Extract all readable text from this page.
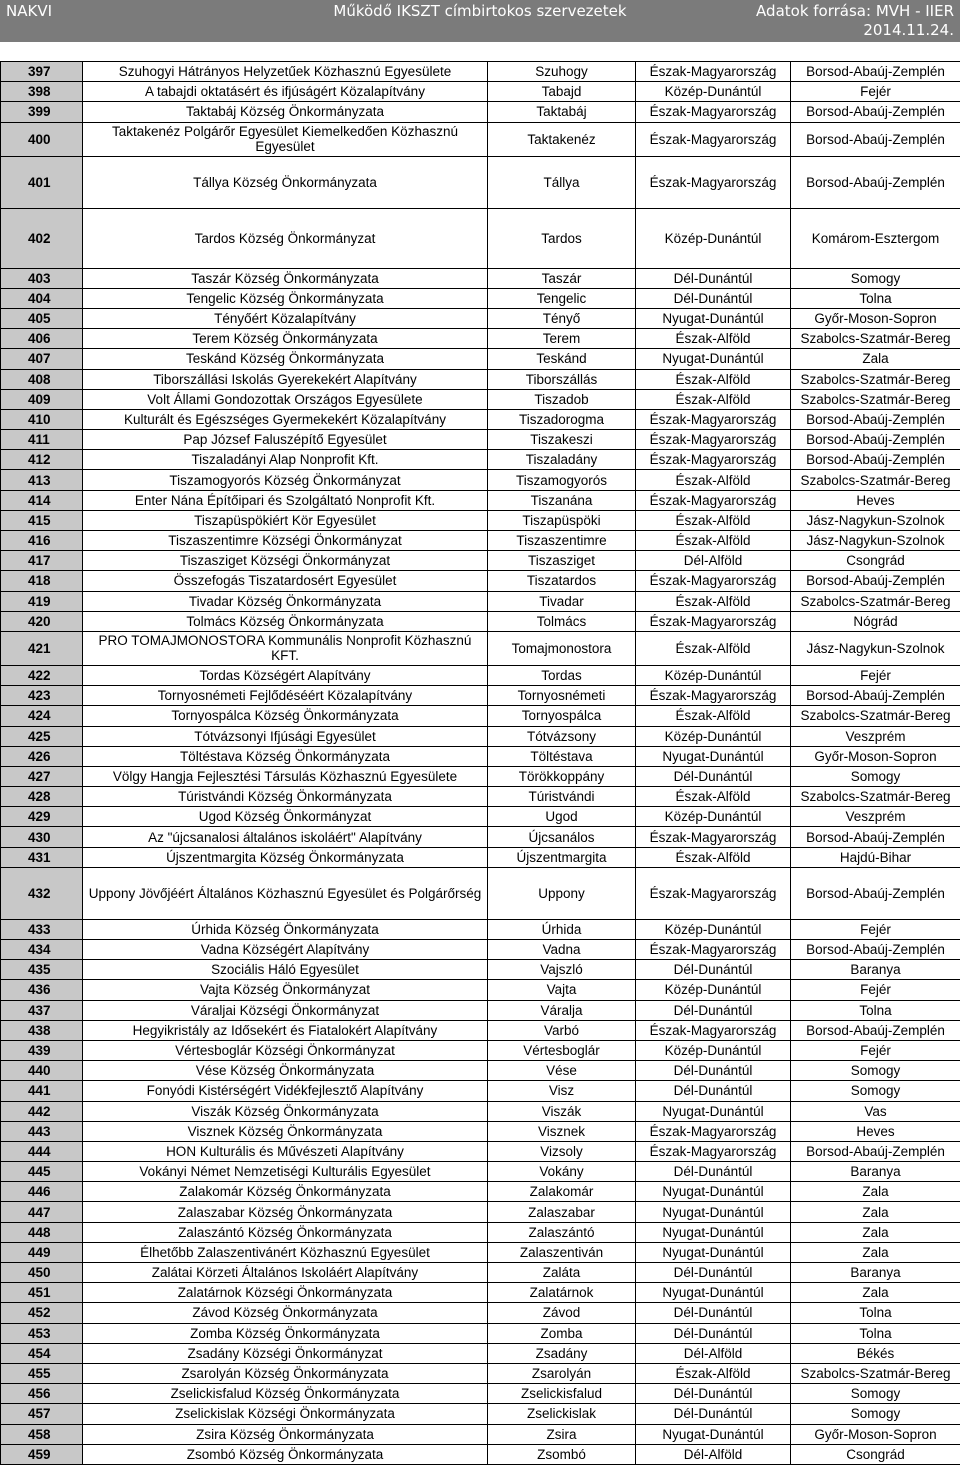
NAKVI	Működő IKSZT címbirtokos szervezetek	Adatok forrása: MVH - IIER
2014.11.24.
397	Szuhogyi Hátrányos Helyzetűek Közhasznú Egyesülete	Szuhogy	Észak-Magyarország	Borsod-Abaúj-Zemplén
398	A tabajdi oktatásért és ifjúságért Közalapítvány	Tabajd	Közép-Dunántúl	Fejér
399	Taktabáj Község Önkormányzata	Taktabáj	Észak-Magyarország	Borsod-Abaúj-Zemplén
400	Taktakenéz Polgárőr Egyesület Kiemelkedően Közhasznú Egyesület	Taktakenéz	Észak-Magyarország	Borsod-Abaúj-Zemplén
401	Tállya Község Önkormányzata	Tállya	Észak-Magyarország	Borsod-Abaúj-Zemplén
402	Tardos Község Önkormányzat	Tardos	Közép-Dunántúl	Komárom-Esztergom
403	Taszár Község Önkormányzata	Taszár	Dél-Dunántúl	Somogy
404	Tengelic Község Önkormányzata	Tengelic	Dél-Dunántúl	Tolna
405	Tényőért Közalapítvány	Tényő	Nyugat-Dunántúl	Győr-Moson-Sopron
406	Terem Község Önkormányzata	Terem	Észak-Alföld	Szabolcs-Szatmár-Bereg
407	Teskánd Község Önkormányzata	Teskánd	Nyugat-Dunántúl	Zala
408	Tiborszállási Iskolás Gyerekekért Alapítvány	Tiborszállás	Észak-Alföld	Szabolcs-Szatmár-Bereg
409	Volt Állami Gondozottak Országos Egyesülete	Tiszadob	Észak-Alföld	Szabolcs-Szatmár-Bereg
410	Kulturált és Egészséges Gyermekekért Közalapítvány	Tiszadorogma	Észak-Magyarország	Borsod-Abaúj-Zemplén
411	Pap József Faluszépítő Egyesület	Tiszakeszi	Észak-Magyarország	Borsod-Abaúj-Zemplén
412	Tiszaladányi Alap Nonprofit Kft.	Tiszaladány	Észak-Magyarország	Borsod-Abaúj-Zemplén
413	Tiszamogyorós Község Önkormányzat	Tiszamogyorós	Észak-Alföld	Szabolcs-Szatmár-Bereg
414	Enter Nána Építőipari és Szolgáltató Nonprofit Kft.	Tiszanána	Észak-Magyarország	Heves
415	Tiszapüspökiért Kör Egyesület	Tiszapüspöki	Észak-Alföld	Jász-Nagykun-Szolnok
416	Tiszaszentimre Községi Önkormányzat	Tiszaszentimre	Észak-Alföld	Jász-Nagykun-Szolnok
417	Tiszasziget Községi Önkormányzat	Tiszasziget	Dél-Alföld	Csongrád
418	Összefogás Tiszatardosért Egyesület	Tiszatardos	Észak-Magyarország	Borsod-Abaúj-Zemplén
419	Tivadar Község Önkormányzata	Tivadar	Észak-Alföld	Szabolcs-Szatmár-Bereg
420	Tolmács Község Önkormányzata	Tolmács	Észak-Magyarország	Nógrád
421	PRO TOMAJMONOSTORA Kommunális Nonprofit Közhasznú KFT.	Tomajmonostora	Észak-Alföld	Jász-Nagykun-Szolnok
422	Tordas Községért Alapítvány	Tordas	Közép-Dunántúl	Fejér
423	Tornyosnémeti Fejlődéséért Közalapítvány	Tornyosnémeti	Észak-Magyarország	Borsod-Abaúj-Zemplén
424	Tornyospálca Község Önkormányzata	Tornyospálca	Észak-Alföld	Szabolcs-Szatmár-Bereg
425	Tótvázsonyi Ifjúsági Egyesület	Tótvázsony	Közép-Dunántúl	Veszprém
426	Töltéstava Község Önkormányzata	Töltéstava	Nyugat-Dunántúl	Győr-Moson-Sopron
427	Völgy Hangja Fejlesztési Társulás Közhasznú Egyesülete	Törökkoppány	Dél-Dunántúl	Somogy
428	Túristvándi Község Önkormányzata	Túristvándi	Észak-Alföld	Szabolcs-Szatmár-Bereg
429	Ugod Község Önkormányzat	Ugod	Közép-Dunántúl	Veszprém
430	Az "újcsanalosi általános iskoláért" Alapítvány	Újcsanálos	Észak-Magyarország	Borsod-Abaúj-Zemplén
431	Újszentmargita Község Önkormányzata	Újszentmargita	Észak-Alföld	Hajdú-Bihar
432	Uppony Jövőjéért Általános Közhasznú Egyesület és Polgárőrség	Uppony	Észak-Magyarország	Borsod-Abaúj-Zemplén
433	Úrhida Község Önkormányzata	Úrhida	Közép-Dunántúl	Fejér
434	Vadna Községért Alapítvány	Vadna	Észak-Magyarország	Borsod-Abaúj-Zemplén
435	Szociális Háló Egyesület	Vajszló	Dél-Dunántúl	Baranya
436	Vajta Község Önkormányzat	Vajta	Közép-Dunántúl	Fejér
437	Váraljai Községi Önkormányzat	Váralja	Dél-Dunántúl	Tolna
438	Hegyikristály az Idősekért és Fiatalokért Alapítvány	Varbó	Észak-Magyarország	Borsod-Abaúj-Zemplén
439	Vértesboglár Községi Önkormányzat	Vértesboglár	Közép-Dunántúl	Fejér
440	Vése Község Önkormányzata	Vése	Dél-Dunántúl	Somogy
441	Fonyódi Kistérségért Vidékfejlesztő Alapítvány	Visz	Dél-Dunántúl	Somogy
442	Viszák Község Önkormányzata	Viszák	Nyugat-Dunántúl	Vas
443	Visznek Község Önkormányzata	Visznek	Észak-Magyarország	Heves
444	HON Kulturális és Művészeti Alapítvány	Vizsoly	Észak-Magyarország	Borsod-Abaúj-Zemplén
445	Vokányi Német Nemzetiségi Kulturális Egyesület	Vokány	Dél-Dunántúl	Baranya
446	Zalakomár Község Önkormányzata	Zalakomár	Nyugat-Dunántúl	Zala
447	Zalaszabar Község Önkormányzata	Zalaszabar	Nyugat-Dunántúl	Zala
448	Zalaszántó Község Önkormányzata	Zalaszántó	Nyugat-Dunántúl	Zala
449	Élhetőbb Zalaszentivánért Közhasznú Egyesület	Zalaszentiván	Nyugat-Dunántúl	Zala
450	Zalátai Körzeti Általános Iskoláért Alapítvány	Zaláta	Dél-Dunántúl	Baranya
451	Zalatárnok Községi Önkormányzata	Zalatárnok	Nyugat-Dunántúl	Zala
452	Závod Község Önkormányzata	Závod	Dél-Dunántúl	Tolna
453	Zomba Község Önkormányzata	Zomba	Dél-Dunántúl	Tolna
454	Zsadány Községi Önkormányzat	Zsadány	Dél-Alföld	Békés
455	Zsarolyán Község Önkormányzata	Zsarolyán	Észak-Alföld	Szabolcs-Szatmár-Bereg
456	Zselickisfalud Község Önkormányzata	Zselickisfalud	Dél-Dunántúl	Somogy
457	Zselickislak Községi Önkormányzata	Zselickislak	Dél-Dunántúl	Somogy
458	Zsira Község Önkormányzata	Zsira	Nyugat-Dunántúl	Győr-Moson-Sopron
459	Zsombó Község Önkormányzata	Zsombó	Dél-Alföld	Csongrád
